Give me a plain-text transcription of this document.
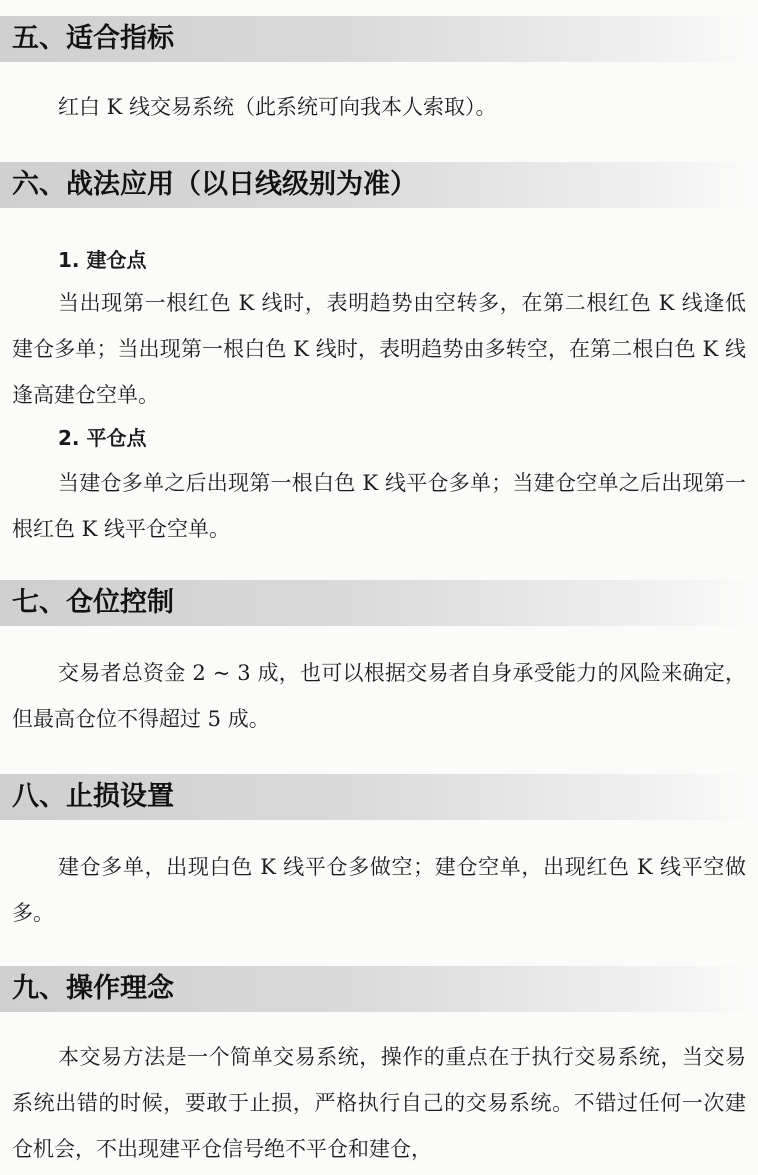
五、适合指标

红白 K 线交易系统（此系统可向我本人索取）。

六、战法应用（以日线级别为准）
1. 建仓点

当出现第一根红色 K 线时，表明趋势由空转多，在第二根红色 K 线逢低建仓多单；当出现第一根白色 K 线时，表明趋势由多转空，在第二根白色 K 线逢高建仓空单。

2. 平仓点

当建仓多单之后出现第一根白色 K 线平仓多单；当建仓空单之后出现第一根红色 K 线平仓空单。

七、仓位控制

交易者总资金 2 ~ 3 成，也可以根据交易者自身承受能力的风险来确定，但最高仓位不得超过 5 成。

八、止损设置

建仓多单，出现白色 K 线平仓多做空；建仓空单，出现红色 K 线平空做多。

九、操作理念

本交易方法是一个简单交易系统，操作的重点在于执行交易系统，当交易系统出错的时候，要敢于止损，严格执行自己的交易系统。不错过任何一次建仓机会，不出现建平仓信号绝不平仓和建仓，
